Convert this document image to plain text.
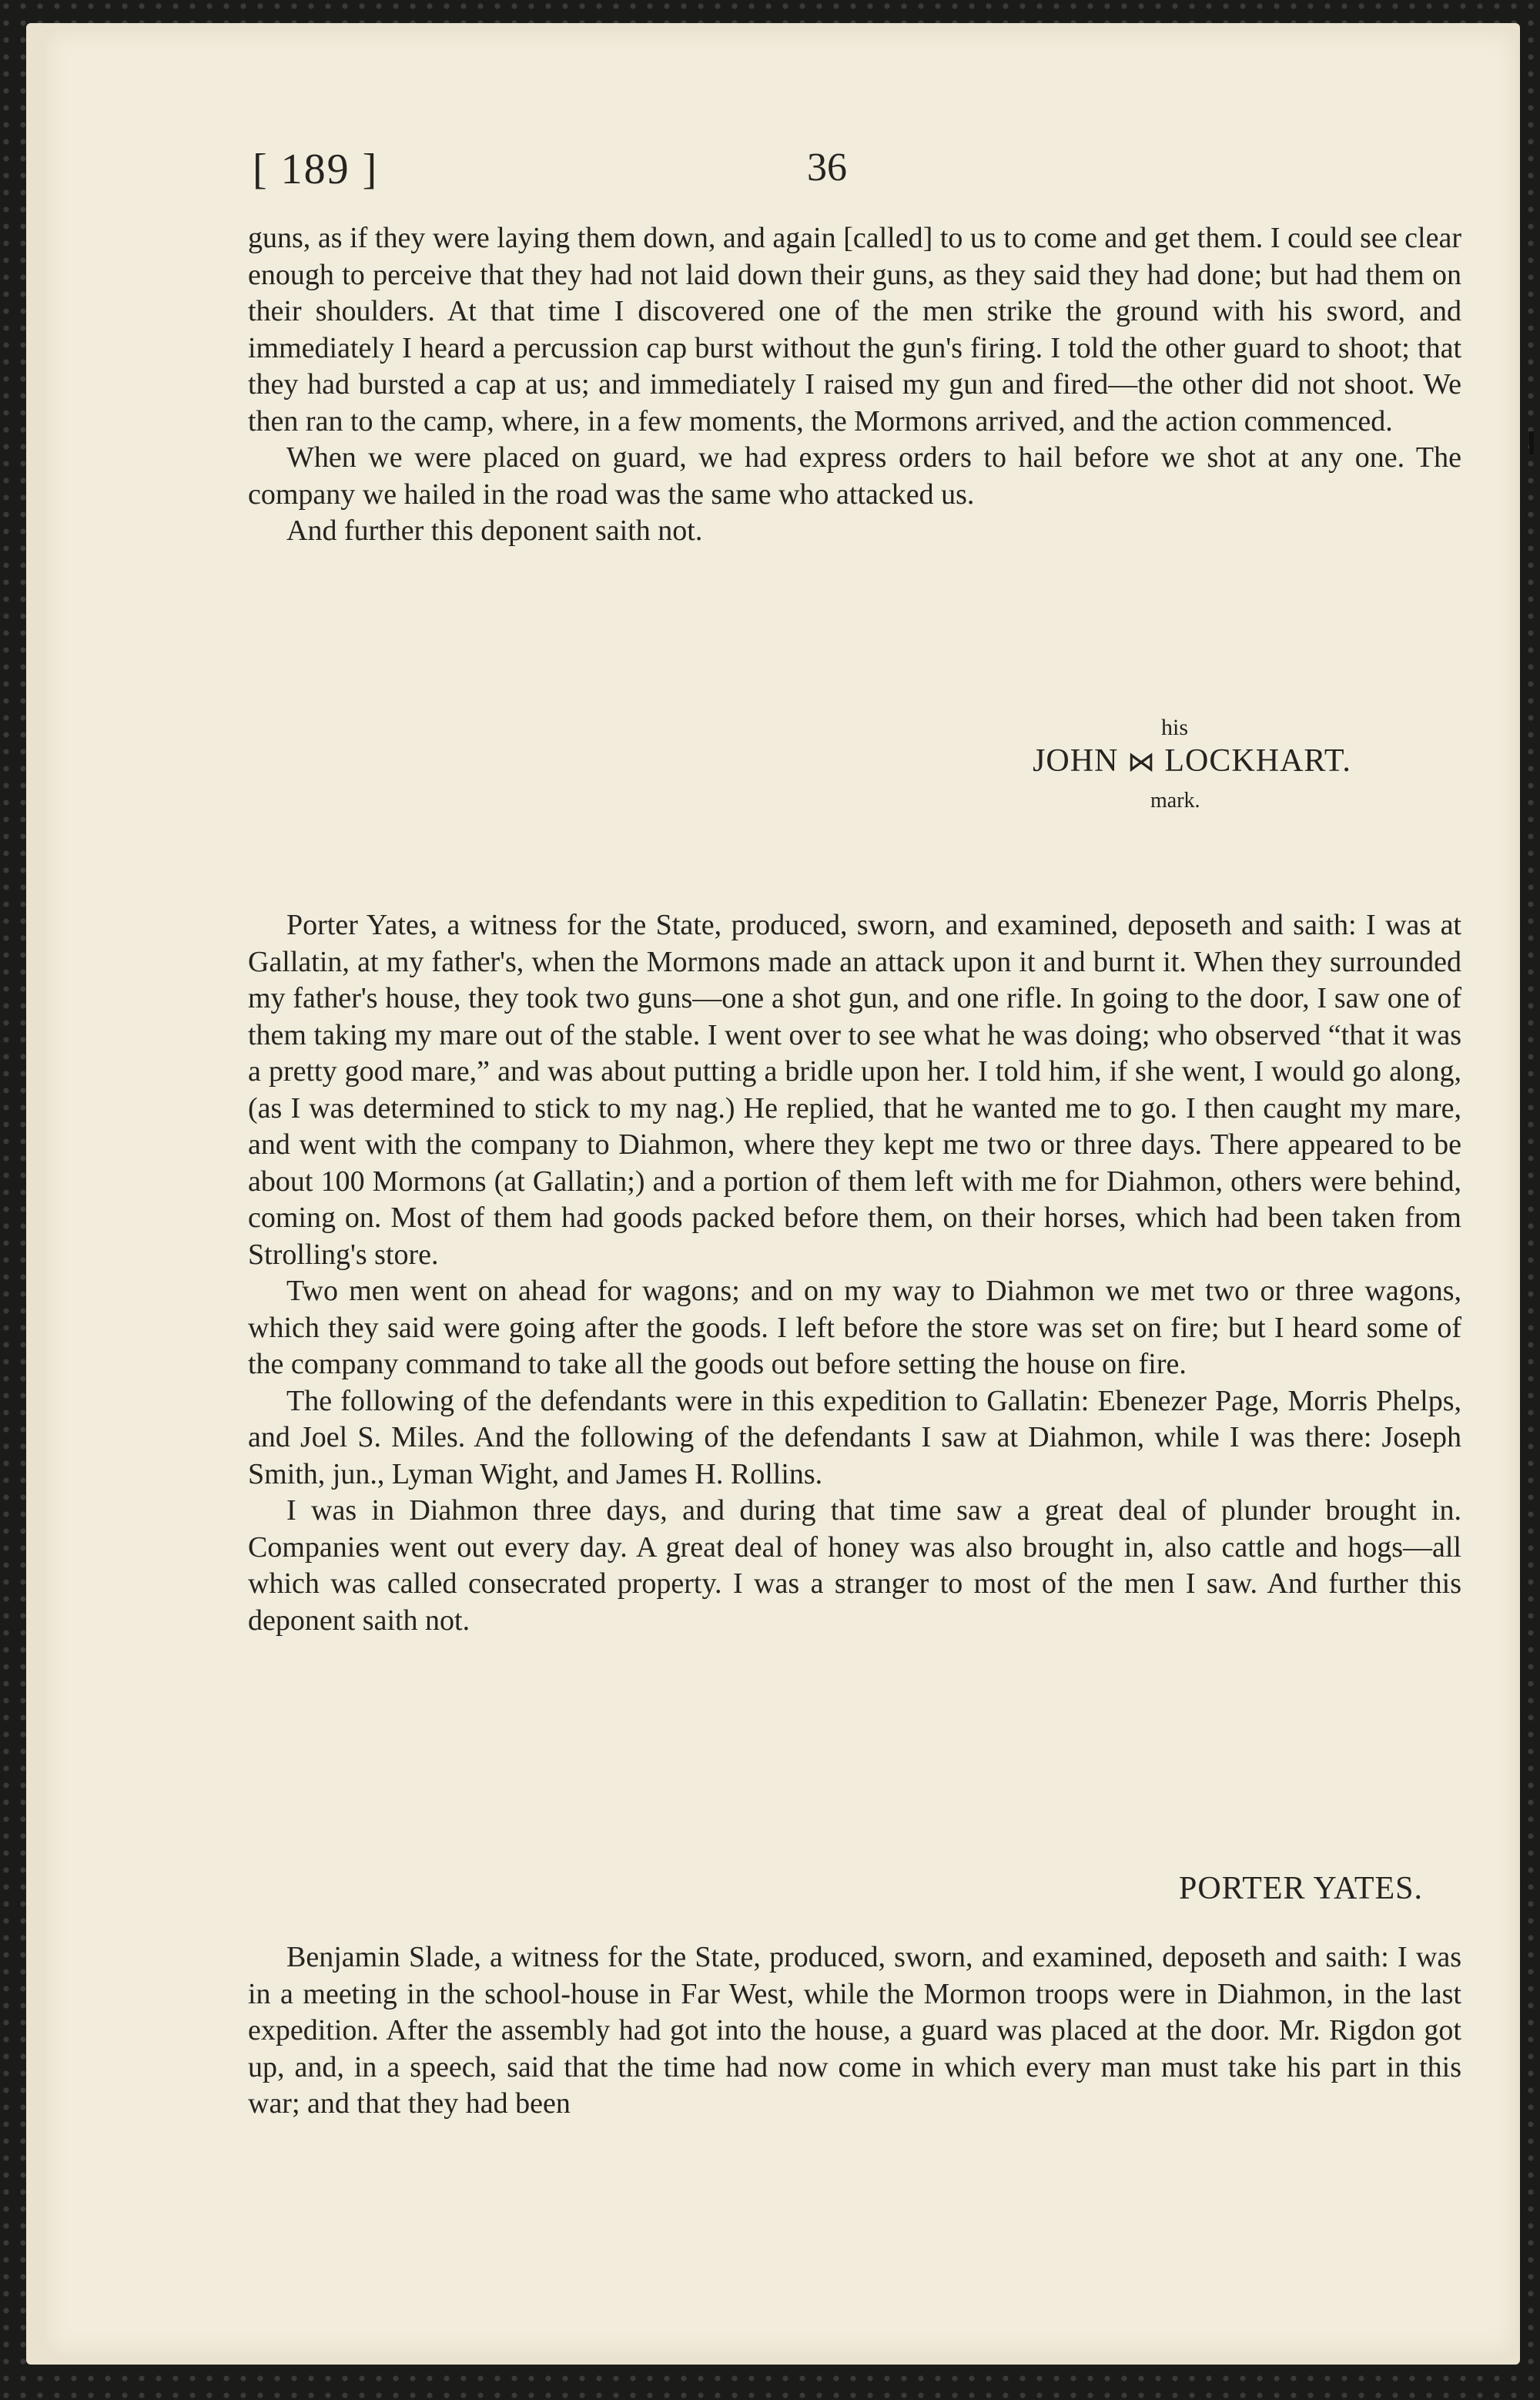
[ 189 ]	36

guns, as if they were laying them down, and again [called] to us to come and get them. I could see clear enough to perceive that they had not laid down their guns, as they said they had done; but had them on their shoulders. At that time I discovered one of the men strike the ground with his sword, and immediately I heard a percussion cap burst without the gun's firing. I told the other guard to shoot; that they had bursted a cap at us; and immediately I raised my gun and fired—the other did not shoot. We then ran to the camp, where, in a few moments, the Mormons arrived, and the action commenced.

When we were placed on guard, we had express orders to hail before we shot at any one. The company we hailed in the road was the same who attacked us.

And further this deponent saith not.

his
JOHN ⋈ LOCKHART.
mark.

Porter Yates, a witness for the State, produced, sworn, and examined, deposeth and saith: I was at Gallatin, at my father's, when the Mormons made an attack upon it and burnt it. When they surrounded my father's house, they took two guns—one a shot gun, and one rifle. In going to the door, I saw one of them taking my mare out of the stable. I went over to see what he was doing; who observed “that it was a pretty good mare,” and was about putting a bridle upon her. I told him, if she went, I would go along, (as I was determined to stick to my nag.) He replied, that he wanted me to go. I then caught my mare, and went with the company to Diahmon, where they kept me two or three days. There appeared to be about 100 Mormons (at Gallatin;) and a portion of them left with me for Diahmon, others were behind, coming on. Most of them had goods packed before them, on their horses, which had been taken from Strolling's store.

Two men went on ahead for wagons; and on my way to Diahmon we met two or three wagons, which they said were going after the goods. I left before the store was set on fire; but I heard some of the company command to take all the goods out before setting the house on fire.

The following of the defendants were in this expedition to Gallatin: Ebenezer Page, Morris Phelps, and Joel S. Miles. And the following of the defendants I saw at Diahmon, while I was there: Joseph Smith, jun., Lyman Wight, and James H. Rollins.

I was in Diahmon three days, and during that time saw a great deal of plunder brought in. Companies went out every day. A great deal of honey was also brought in, also cattle and hogs—all which was called consecrated property. I was a stranger to most of the men I saw. And further this deponent saith not.

PORTER YATES.

Benjamin Slade, a witness for the State, produced, sworn, and examined, deposeth and saith: I was in a meeting in the school-house in Far West, while the Mormon troops were in Diahmon, in the last expedition. After the assembly had got into the house, a guard was placed at the door. Mr. Rigdon got up, and, in a speech, said that the time had now come in which every man must take his part in this war; and that they had been
